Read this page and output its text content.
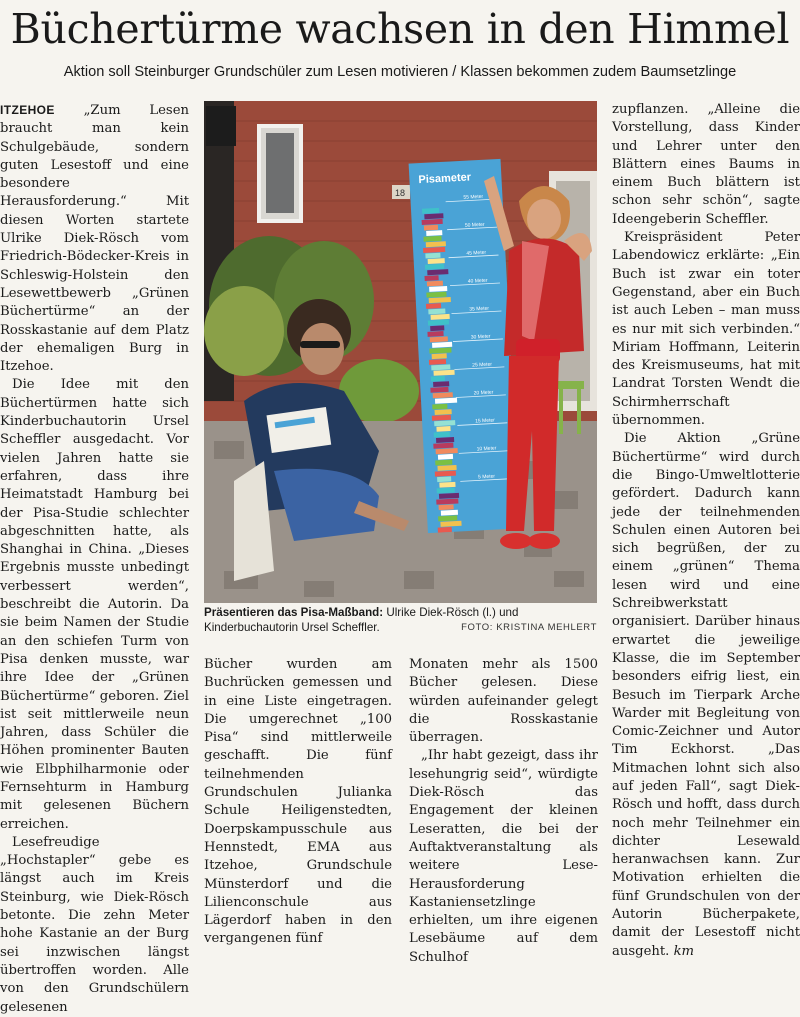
Büchertürme wachsen in den Himmel
Aktion soll Steinburger Grundschüler zum Lesen motivieren / Klassen bekommen zudem Baumsetzlinge

ITZEHOE „Zum Lesen braucht man kein Schulgebäude, sondern guten Lesestoff und eine besondere Herausforderung.“ Mit diesen Worten startete Ulrike Diek-Rösch vom Friedrich-Bödecker-Kreis in Schleswig-Holstein den Lesewettbewerb „Grünen Büchertürme“ an der Rosskastanie auf dem Platz der ehemaligen Burg in Itzehoe.

Die Idee mit den Büchertürmen hatte sich Kinderbuchautorin Ursel Scheffler ausgedacht. Vor vielen Jahren hatte sie erfahren, dass ihre Heimatstadt Hamburg bei der Pisa-Studie schlechter abgeschnitten hatte, als Shanghai in China. „Dieses Ergebnis musste unbedingt verbessert werden“, beschreibt die Autorin. Da sie beim Namen der Studie an den schiefen Turm von Pisa denken musste, war ihre Idee der „Grünen Büchertürme“ geboren. Ziel ist seit mittlerweile neun Jahren, dass Schüler die Höhen prominenter Bauten wie Elbphilharmonie oder Fernsehturm in Hamburg mit gelesenen Büchern erreichen.

Lesefreudige „Hochstapler“ gebe es längst auch im Kreis Steinburg, wie Diek-Rösch betonte. Die zehn Meter hohe Kastanie an der Burg sei inzwischen längst übertroffen worden. Alle von den Grundschülern gelesenen

18
Pisameter
55 Meter
50 Meter
45 Meter
40 Meter
35 Meter
30 Meter
25 Meter
20 Meter
15 Meter
10 Meter
5 Meter
Präsentieren das Pisa-Maßband: Ulrike Diek-Rösch (l.) und Kinderbuchautorin Ursel Scheffler.	FOTO: KRISTINA MEHLERT

Bücher wurden am Buchrücken gemessen und in eine Liste eingetragen. Die umgerechnet „100 Pisa“ sind mittlerweile geschafft. Die fünf teilnehmenden Grundschulen Julianka Schule Heiligenstedten, Doerpskampusschule aus Hennstedt, EMA aus Itzehoe, Grundschule Münsterdorf und die Lilienconschule aus Lägerdorf haben in den vergangenen fünf

Monaten mehr als 1500 Bücher gelesen. Diese würden aufeinander gelegt die Rosskastanie überragen.

„Ihr habt gezeigt, dass ihr lesehungrig seid“, würdigte Diek-Rösch das Engagement der kleinen Leseratten, die bei der Auftaktveranstaltung als weitere Lese-Herausforderung Kastaniensetzlinge erhielten, um ihre eigenen Lesebäume auf dem Schulhof

zupflanzen. „Alleine die Vorstellung, dass Kinder und Lehrer unter den Blättern eines Baums in einem Buch blättern ist schon sehr schön“, sagte Ideengeberin Scheffler.

Kreispräsident Peter Labendowicz erklärte: „Ein Buch ist zwar ein toter Gegenstand, aber ein Buch ist auch Leben – man muss es nur mit sich verbinden.“ Miriam Hoffmann, Leiterin des Kreismuseums, hat mit Landrat Torsten Wendt die Schirmherrschaft übernommen.

Die Aktion „Grüne Büchertürme“ wird durch die Bingo-Umweltlotterie gefördert. Dadurch kann jede der teilnehmenden Schulen einen Autoren bei sich begrüßen, der zu einem „grünen“ Thema lesen wird und eine Schreibwerkstatt organisiert. Darüber hinaus erwartet die jeweilige Klasse, die im September besonders eifrig liest, ein Besuch im Tierpark Arche Warder mit Begleitung von Comic-Zeichner und Autor Tim Eckhorst. „Das Mitmachen lohnt sich also auf jeden Fall“, sagt Diek-Rösch und hofft, dass durch noch mehr Teilnehmer ein dichter Lesewald heranwachsen kann. Zur Motivation erhielten die fünf Grundschulen von der Autorin Bücherpakete, damit der Lesestoff nicht ausgeht. km
